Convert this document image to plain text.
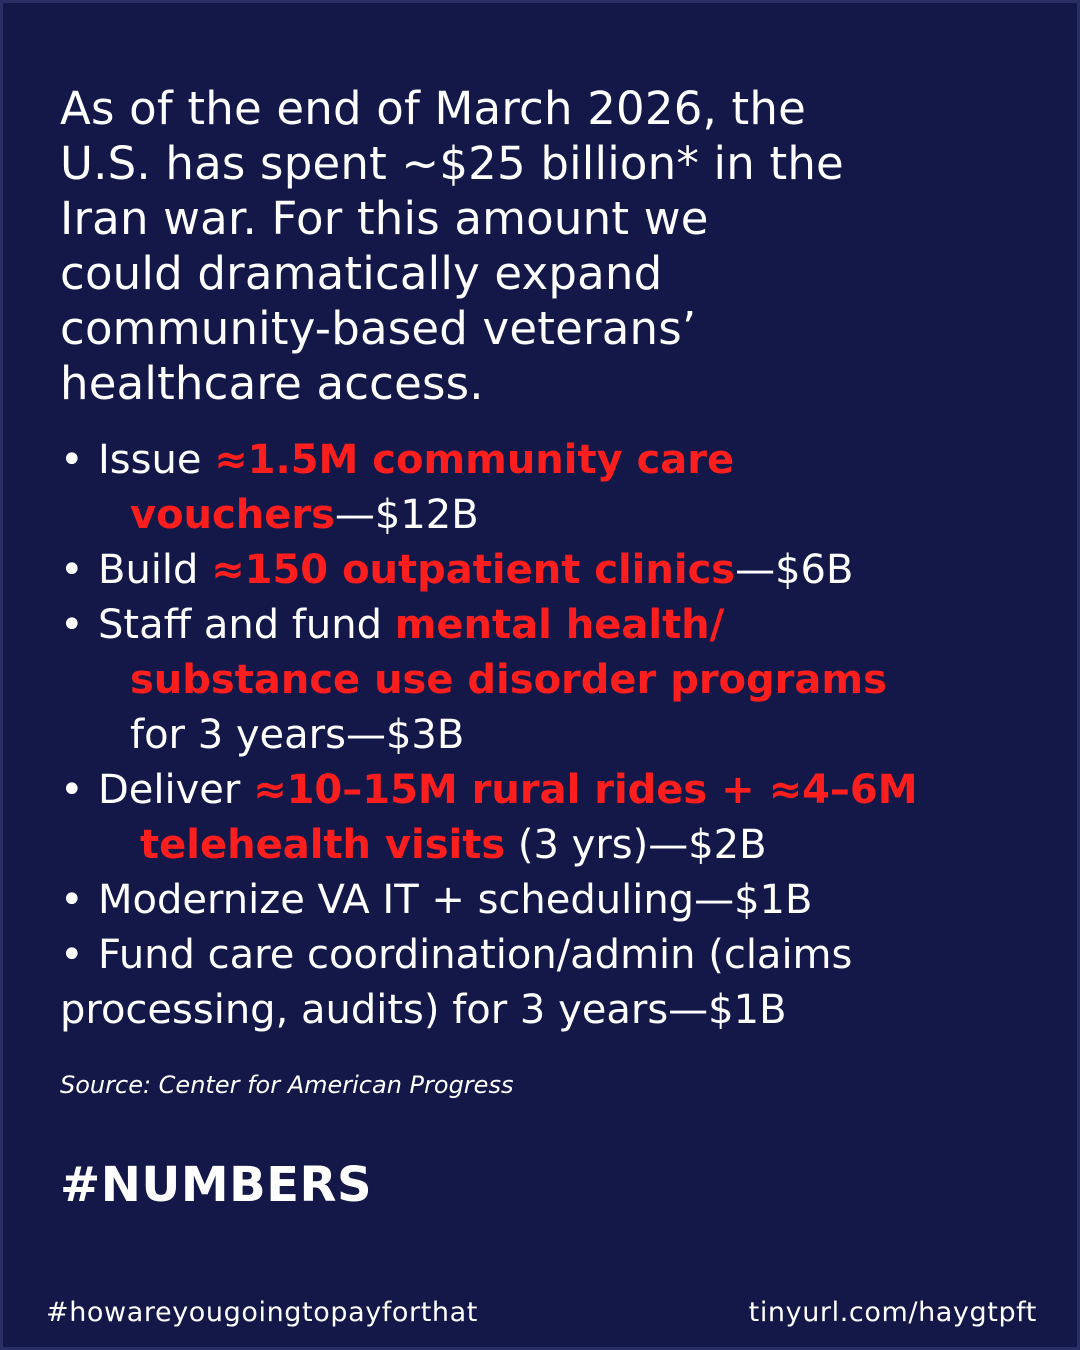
As of the end of March 2026, the
U.S. has spent ~$25 billion* in the
Iran war. For this amount we
could dramatically expand
community-based veterans’
healthcare access.
• Issue ≈1.5M community care
vouchers—$12B
• Build ≈150 outpatient clinics—$6B
• Staff and fund mental health/
substance use disorder programs
for 3 years—$3B
• Deliver ≈10–15M rural rides + ≈4–6M
telehealth visits (3 yrs)—$2B
• Modernize VA IT + scheduling—$1B
• Fund care coordination/admin (claims
processing, audits) for 3 years—$1B

Source: Center for American Progress

#NUMBERS

#howareyougoingtopayforthat	tinyurl.com/haygtpft
